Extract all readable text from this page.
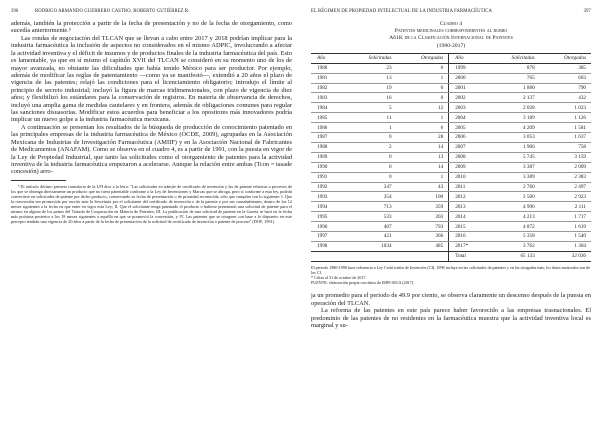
396	RODRIGO ARMANDO GUERRERO CASTRO, ROBERTO GUTIÉRREZ R.

además, también la protección a partir de la fecha de presentación y no de la fecha de otorgamiento, como sucedía anteriormente.⁵

Las rondas de negociación del TLCAN que se llevan a cabo entre 2017 y 2018 podrían implicar para la industria farmacéutica la inclusión de aspectos no considerados en el mismo ADPIC, involucrando a afectar la actividad inventiva y el déficit de insumos y de productos finales de la industria farmacéutica del país. Esto es lamentable, ya que en sí mismo el capítulo XVII del TLCAN se consideró en su momento uno de los de mayor avanzada, no obstante las dificultades que había tenido México para ser productor. Por ejemplo, además de modificar las reglas de patentamiento —como ya se manifestó—, extendió a 20 años el plazo de vigencia de las patentes; relajó las condiciones para el licenciamiento obligatorio; introdujo el límite al principio de secreto industrial; incluyó la figura de marcas tridimensionales, con plazo de vigencia de diez años; y flexibilizó los estándares para la conservación de registros. En materia de observancia de derechos, incluyó una amplia gama de medidas cautelares y en frontera, además de obligaciones comunes para regular las sanciones disuasorias. Modificar estos acuerdos para beneficiar a los opositores más innovadores podría implicar un nuevo golpe a la industria farmacéutica mexicana.

A continuación se presentan los resultados de la búsqueda de producción de conocimiento patentado en las principales empresas de la industria farmacéutica de México (OCDE, 2009), agrupadas en la Asociación Mexicana de Industrias de Investigación Farmacéutica (AMIIF) y en la Asociación Nacional de Fabricantes de Medicamentos (ANAFAM). Como se observa en el cuadro 4, es a partir de 1991, con la puesta en vigor de la Ley de Propiedad Industrial, que tanto las solicitudes como el otorgamiento de patentes para la actividad inventiva de la industria farmacéutica empezaron a acelerarse. Aunque la relación entre ambas (Tcon = tasade concesión) arro-

⁵ El artículo décimo primero transitorio de la LPI dice a la letra: "Las solicitudes en trámite de certificado de invención y las de patente relativas a procesos de los que se obtenga directamente un producto que no fuera patentable conforme a la Ley de Invenciones y Marcas que se abroga, pero sí conforme a esta ley, podrán convertirse en solicitudes de patente por dicho producto, conservando su fecha de presentación o de prioridad reconocida, sólo que cumplan con lo siguiente: I. Que la conversión sea promovida por escrito ante la Secretaría por el solicitante del certificado de invención o de la patente o por sus causahabientes, dentro de los 12 meses siguientes a la fecha en que entre en vigor esta Ley; II. Que el solicitante tenga patentado el producto o hubiese presentado una solicitud de patente para el mismo en alguno de los países del Tratado de Cooperación en Materia de Patentes; III. La publicación de una solicitud de patente en la Gaceta se hará en la fecha más próxima posterior a los 18 meses siguientes a aquélla en que se promovió la conversión, y IV. Las patentes que se otorguen con base a lo dispuesto en este precepto tendrán una vigencia de 20 años a partir de la fecha de presentación de la solicitud de certificado de invención o patente de proceso" (DOF, 1991).

EL RÉGIMEN DE PROPIEDAD INTELECTUAL DE LA INDUSTRIA FARMACÉUTICA	397
Cuadro 4
Patentes medicinales correspondientes al rubro
A61K de la Clasificación Internacional de Patentes
(1980-2017)
Año	Solicitadas	Otorgadas	Año	Solicitadas	Otorgadas
1980	23	0	1999	878	385
1981	13	1	2000	765	603
1982	19	0	2001	1 880	790
1983	16	0	2002	2 137	432
1984	5	12	2003	2 028	1 023
1985	11	1	2004	3 189	1 126
1986	1	6	2005	4 209	1 581
1987	0	28	2006	3 053	1 637
1988	2	14	2007	1 906	758
1989	0	13	2008	5 745	3 159
1990	0	14	2009	3 387	2 009
1991	0	1	2010	3 389	2 383
1992	347	43	2011	2 760	2 497
1993	354	100	2012	2 500	2 923
1994	713	359	2013	4 996	2 111
1995	533	203	2014	4 213	1 717
1996	407	793	2015	4 872	1 619
1997	421	366	2016	5 358	1 540
1998	1034	485	2017*	3 762	1 304
			Total	65 133	32 036
El periodo 1980-1990 hace referencia a Ley Certificados de Invención (CI); 1998 incluye en las solicitudes de patentes y en las otorgadas más; los datos mostrados son de los CI.
* Cifras al 31 de octubre de 2017.
FUENTE: elaboración propia con datos de IMPI-SIGA (2017).

ja un promedio para el periodo de 49.9 por ciento, se observa claramente un descenso después de la puesta en operación del TLCAN.

La reforma de las patentes en este país parece haber favorecido a las empresas trasnacionales. El predominio de las patentes de no residentes en la farmacéutica muestra que la actividad inventiva local es marginal y su-
